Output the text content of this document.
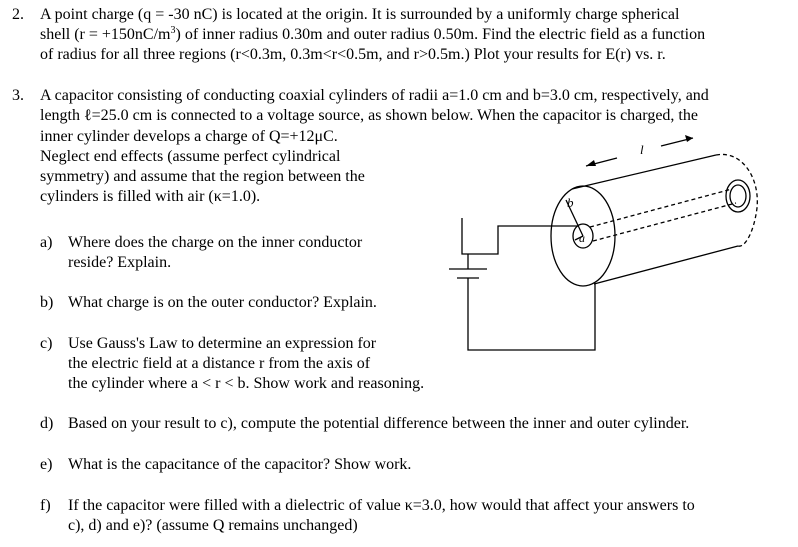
2. A point charge (q = -30 nC) is located at the origin. It is surrounded by a uniformly charge spherical
shell $(r = +150nC/m^3)$ of inner radius 0.30m and outer radius 0.50m. Find the electric field as a function
of radius for all three regions (r<0.3m, 0.3m<r<0.5m, and r>0.5m.) Plot your results for E(r) vs. r.
3. A capacitor consisting of conducting coaxial cylinders of radii a=1.0 cm and b=3.0 cm, respectively, and
length ℓ=25.0 cm is connected to a voltage source, as shown below. When the capacitor is charged, the
inner cylinder develops a charge of Q=+12μC.
Neglect end effects (assume perfect cylindrical
symmetry) and assume that the region between the
cylinders is filled with air (κ=1.0).
a) Where does the charge on the inner conductor
reside? Explain.
b) What charge is on the outer conductor? Explain.
c) Use Gauss's Law to determine an expression for
the electric field at a distance r from the axis of
the cylinder where a < r < b. Show work and reasoning.
d) Based on your result to c), compute the potential difference between the inner and outer cylinder.
e) What is the capacitance of the capacitor? Show work.
f) If the capacitor were filled with a dielectric of value κ=3.0, how would that affect your answers to
c), d) and e)? (assume Q remains unchanged)
l
b
a
